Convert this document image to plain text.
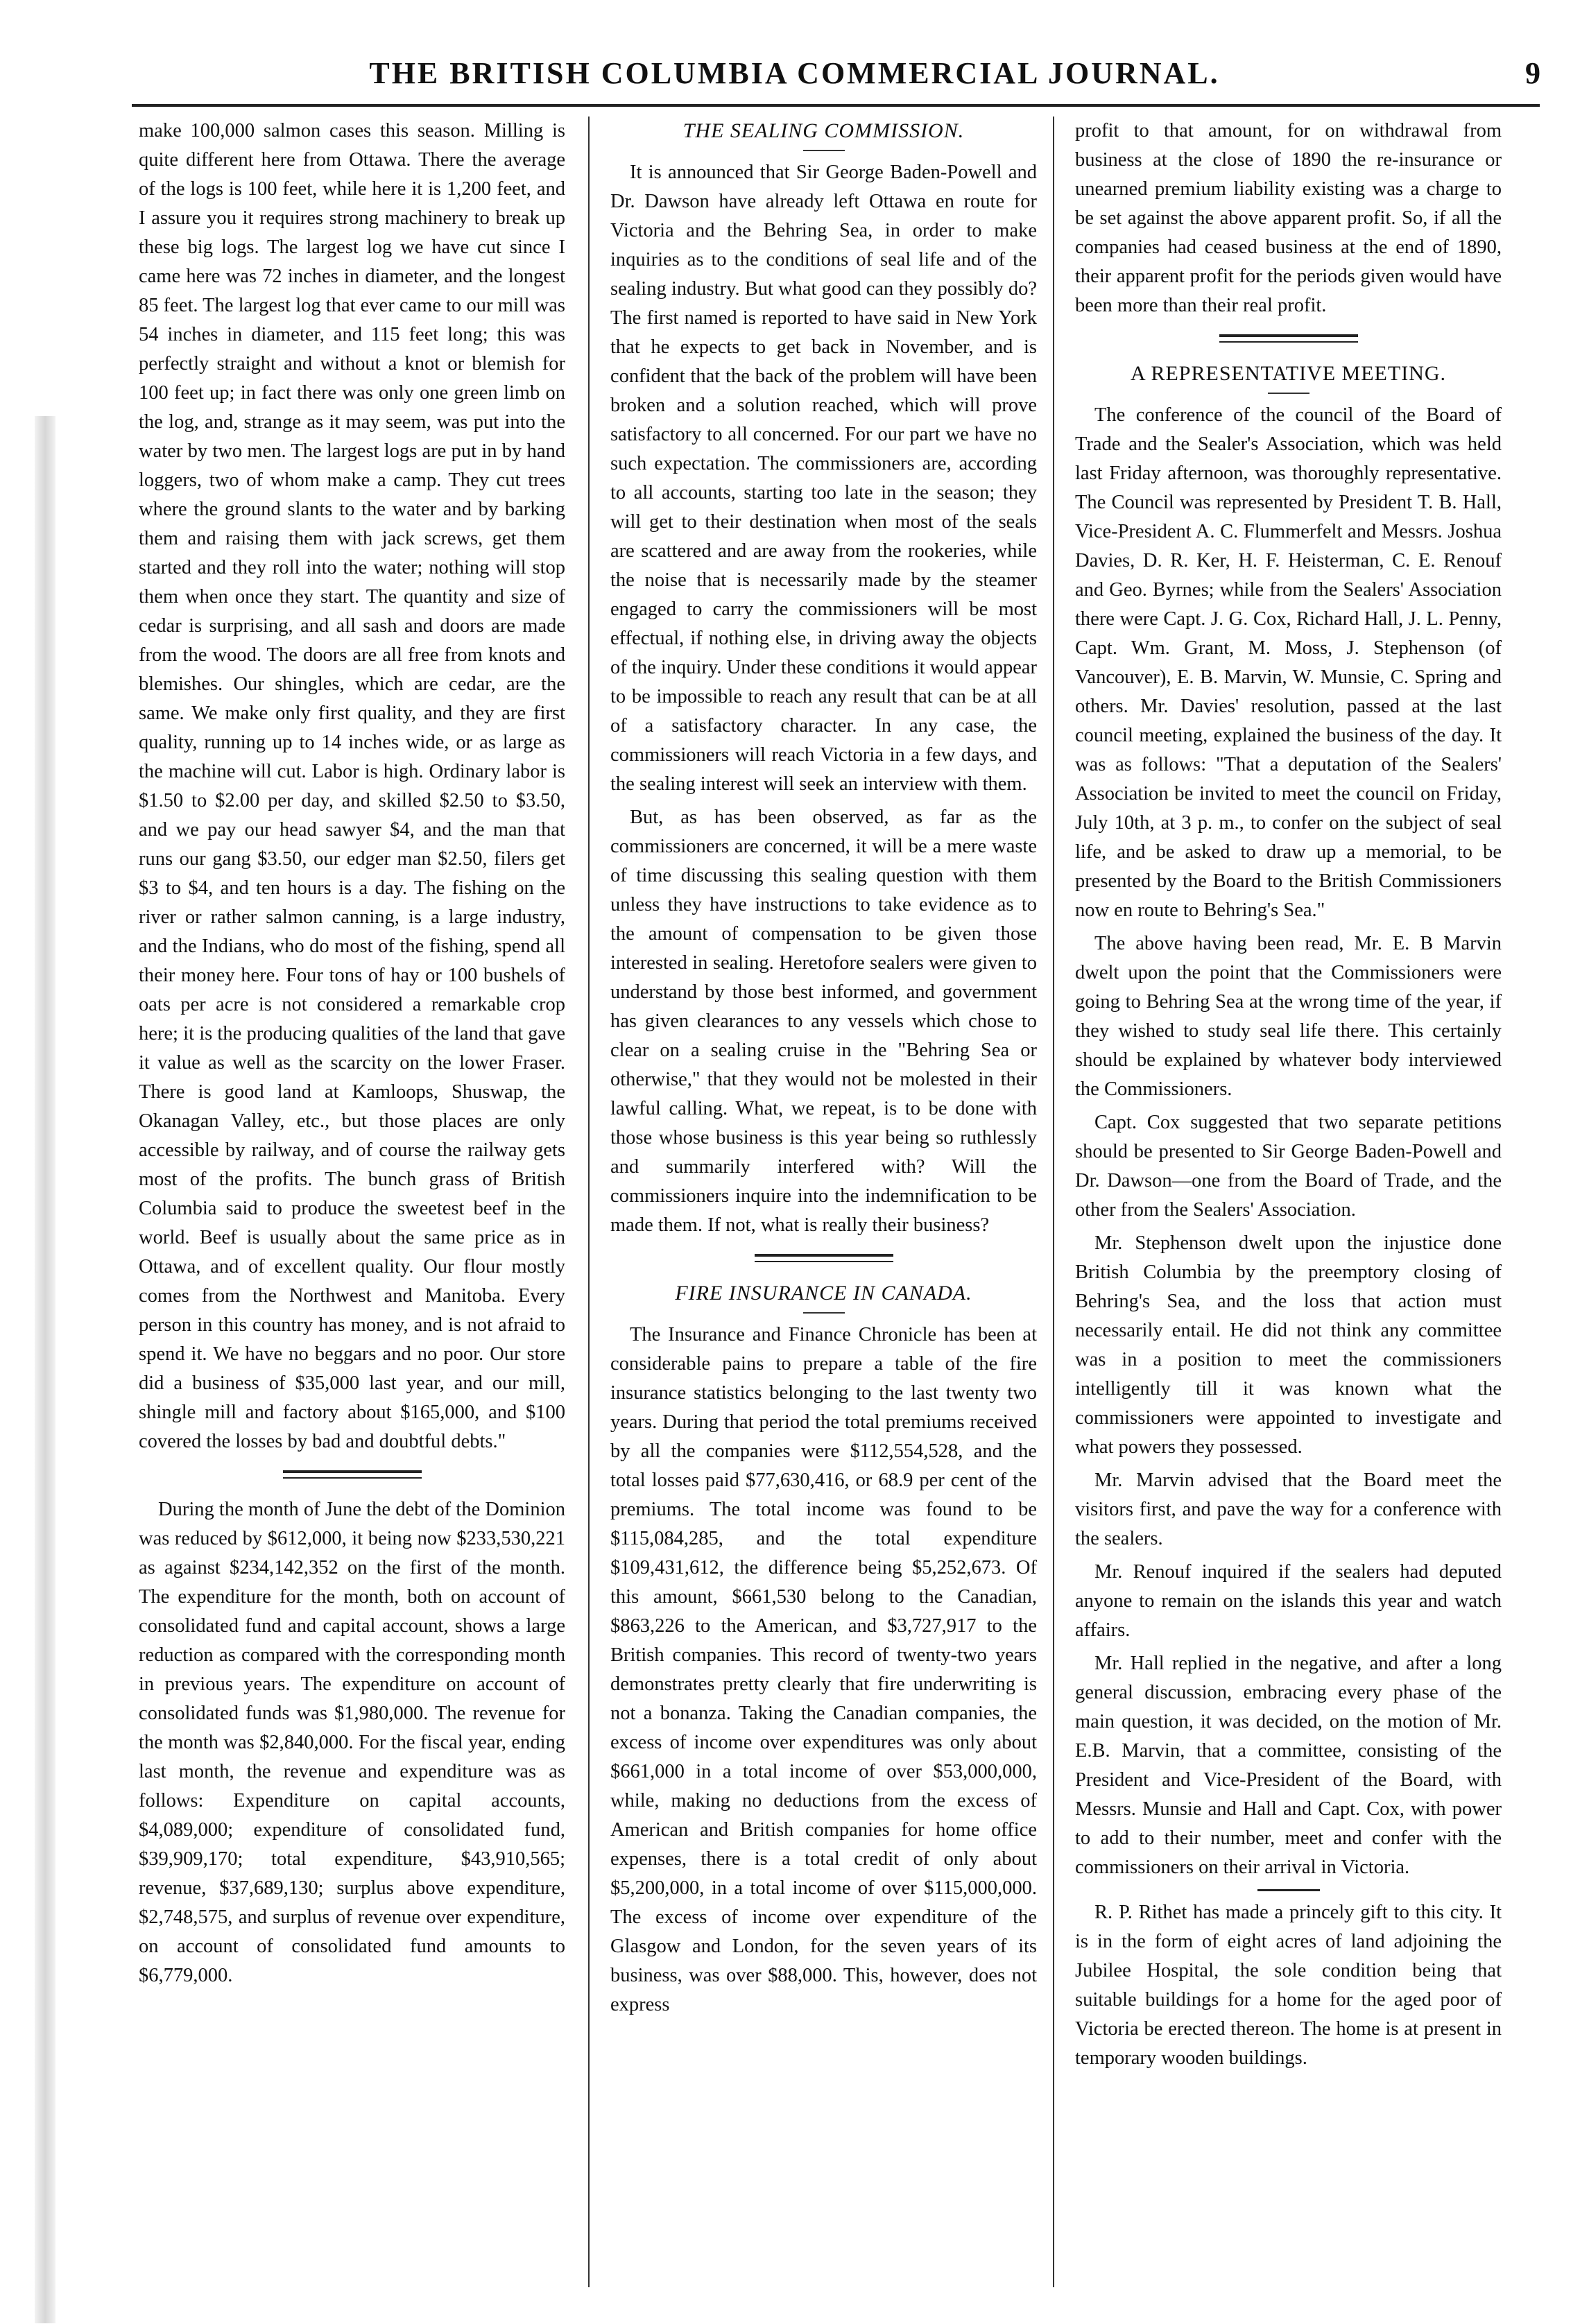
THE BRITISH COLUMBIA COMMERCIAL JOURNAL.	9

make 100,000 salmon cases this season. Milling is quite different here from Ottawa. There the average of the logs is 100 feet, while here it is 1,200 feet, and I assure you it requires strong machinery to break up these big logs. The largest log we have cut since I came here was 72 inches in diameter, and the longest 85 feet. The largest log that ever came to our mill was 54 inches in diameter, and 115 feet long; this was perfectly straight and without a knot or blemish for 100 feet up; in fact there was only one green limb on the log, and, strange as it may seem, was put into the water by two men. The largest logs are put in by hand loggers, two of whom make a camp. They cut trees where the ground slants to the water and by barking them and raising them with jack screws, get them started and they roll into the water; nothing will stop them when once they start. The quantity and size of cedar is surprising, and all sash and doors are made from the wood. The doors are all free from knots and blemishes. Our shingles, which are cedar, are the same. We make only first quality, and they are first quality, running up to 14 inches wide, or as large as the machine will cut. Labor is high. Ordinary labor is $1.50 to $2.00 per day, and skilled $2.50 to $3.50, and we pay our head sawyer $4, and the man that runs our gang $3.50, our edger man $2.50, filers get $3 to $4, and ten hours is a day. The fishing on the river or rather salmon canning, is a large industry, and the Indians, who do most of the fishing, spend all their money here. Four tons of hay or 100 bushels of oats per acre is not considered a remarkable crop here; it is the producing qualities of the land that gave it value as well as the scarcity on the lower Fraser. There is good land at Kamloops, Shuswap, the Okanagan Valley, etc., but those places are only accessible by railway, and of course the railway gets most of the profits. The bunch grass of British Columbia said to produce the sweetest beef in the world. Beef is usually about the same price as in Ottawa, and of excellent quality. Our flour mostly comes from the Northwest and Manitoba. Every person in this country has money, and is not afraid to spend it. We have no beggars and no poor. Our store did a business of $35,000 last year, and our mill, shingle mill and factory about $165,000, and $100 covered the losses by bad and doubtful debts."

During the month of June the debt of the Dominion was reduced by $612,000, it being now $233,530,221 as against $234,142,352 on the first of the month. The expenditure for the month, both on account of consolidated fund and capital account, shows a large reduction as compared with the corresponding month in previous years. The expenditure on account of consolidated funds was $1,980,000. The revenue for the month was $2,840,000. For the fiscal year, ending last month, the revenue and expenditure was as follows: Expenditure on capital accounts, $4,089,000; expenditure of consolidated fund, $39,909,170; total expenditure, $43,910,565; revenue, $37,689,130; surplus above expenditure, $2,748,575, and surplus of revenue over expenditure, on account of consolidated fund amounts to $6,779,000.

THE SEALING COMMISSION.

It is announced that Sir George Baden-Powell and Dr. Dawson have already left Ottawa en route for Victoria and the Behring Sea, in order to make inquiries as to the conditions of seal life and of the sealing industry. But what good can they possibly do? The first named is reported to have said in New York that he expects to get back in November, and is confident that the back of the problem will have been broken and a solution reached, which will prove satisfactory to all concerned. For our part we have no such expectation. The commissioners are, according to all accounts, starting too late in the season; they will get to their destination when most of the seals are scattered and are away from the rookeries, while the noise that is necessarily made by the steamer engaged to carry the commissioners will be most effectual, if nothing else, in driving away the objects of the inquiry. Under these conditions it would appear to be impossible to reach any result that can be at all of a satisfactory character. In any case, the commissioners will reach Victoria in a few days, and the sealing interest will seek an interview with them.

But, as has been observed, as far as the commissioners are concerned, it will be a mere waste of time discussing this sealing question with them unless they have instructions to take evidence as to the amount of compensation to be given those interested in sealing. Heretofore sealers were given to understand by those best informed, and government has given clearances to any vessels which chose to clear on a sealing cruise in the "Behring Sea or otherwise," that they would not be molested in their lawful calling. What, we repeat, is to be done with those whose business is this year being so ruthlessly and summarily interfered with? Will the commissioners inquire into the indemnification to be made them. If not, what is really their business?

FIRE INSURANCE IN CANADA.

The Insurance and Finance Chronicle has been at considerable pains to prepare a table of the fire insurance statistics belonging to the last twenty two years. During that period the total premiums received by all the companies were $112,554,528, and the total losses paid $77,630,416, or 68.9 per cent of the premiums. The total income was found to be $115,084,285, and the total expenditure $109,431,612, the difference being $5,252,673. Of this amount, $661,530 belong to the Canadian, $863,226 to the American, and $3,727,917 to the British companies. This record of twenty-two years demonstrates pretty clearly that fire underwriting is not a bonanza. Taking the Canadian companies, the excess of income over expenditures was only about $661,000 in a total income of over $53,000,000, while, making no deductions from the excess of American and British companies for home office expenses, there is a total credit of only about $5,200,000, in a total income of over $115,000,000. The excess of income over expenditure of the Glasgow and London, for the seven years of its business, was over $88,000. This, however, does not express

profit to that amount, for on withdrawal from business at the close of 1890 the re-insurance or unearned premium liability existing was a charge to be set against the above apparent profit. So, if all the companies had ceased business at the end of 1890, their apparent profit for the periods given would have been more than their real profit.

A REPRESENTATIVE MEETING.

The conference of the council of the Board of Trade and the Sealer's Association, which was held last Friday afternoon, was thoroughly representative. The Council was represented by President T. B. Hall, Vice-President A. C. Flummerfelt and Messrs. Joshua Davies, D. R. Ker, H. F. Heisterman, C. E. Renouf and Geo. Byrnes; while from the Sealers' Association there were Capt. J. G. Cox, Richard Hall, J. L. Penny, Capt. Wm. Grant, M. Moss, J. Stephenson (of Vancouver), E. B. Marvin, W. Munsie, C. Spring and others. Mr. Davies' resolution, passed at the last council meeting, explained the business of the day. It was as follows: "That a deputation of the Sealers' Association be invited to meet the council on Friday, July 10th, at 3 p. m., to confer on the subject of seal life, and be asked to draw up a memorial, to be presented by the Board to the British Commissioners now en route to Behring's Sea."

The above having been read, Mr. E. B Marvin dwelt upon the point that the Commissioners were going to Behring Sea at the wrong time of the year, if they wished to study seal life there. This certainly should be explained by whatever body interviewed the Commissioners.

Capt. Cox suggested that two separate petitions should be presented to Sir George Baden-Powell and Dr. Dawson—one from the Board of Trade, and the other from the Sealers' Association.

Mr. Stephenson dwelt upon the injustice done British Columbia by the preemptory closing of Behring's Sea, and the loss that action must necessarily entail. He did not think any committee was in a position to meet the commissioners intelligently till it was known what the commissioners were appointed to investigate and what powers they possessed.

Mr. Marvin advised that the Board meet the visitors first, and pave the way for a conference with the sealers.

Mr. Renouf inquired if the sealers had deputed anyone to remain on the islands this year and watch affairs.

Mr. Hall replied in the negative, and after a long general discussion, embracing every phase of the main question, it was decided, on the motion of Mr. E.B. Marvin, that a committee, consisting of the President and Vice-President of the Board, with Messrs. Munsie and Hall and Capt. Cox, with power to add to their number, meet and confer with the commissioners on their arrival in Victoria.

R. P. Rithet has made a princely gift to this city. It is in the form of eight acres of land adjoining the Jubilee Hospital, the sole condition being that suitable buildings for a home for the aged poor of Victoria be erected thereon. The home is at present in temporary wooden buildings.
